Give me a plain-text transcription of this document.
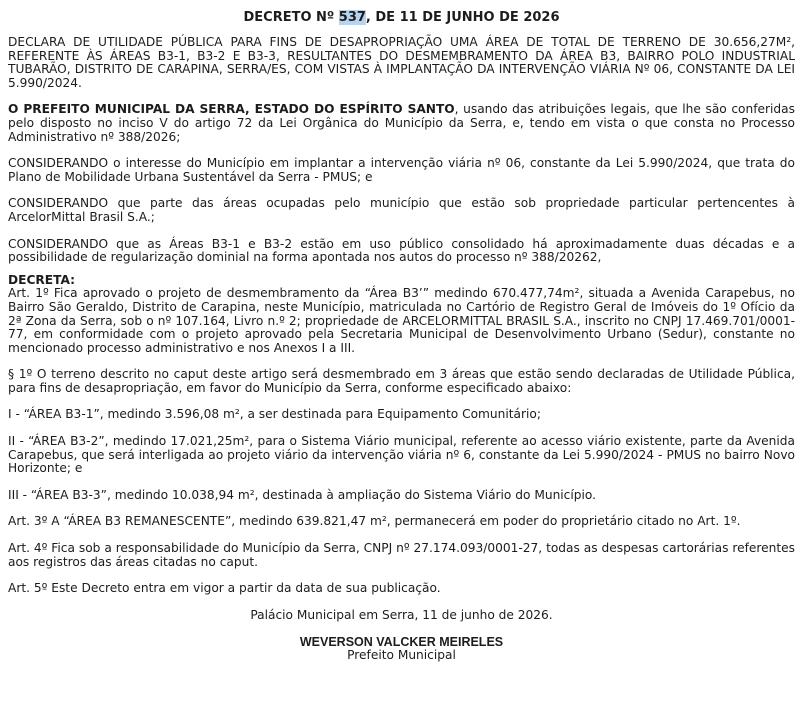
DECRETO Nº 537, DE 11 DE JUNHO DE 2026

DECLARA DE UTILIDADE PÚBLICA PARA FINS DE DESAPROPRIAÇÃO UMA ÁREA DE TOTAL DE TERRENO DE 30.656,27M², REFERENTE ÀS ÁREAS B3-1, B3-2 E B3-3, RESULTANTES DO DESMEMBRAMENTO DA ÁREA B3, BAIRRO POLO INDUSTRIAL TUBARÃO, DISTRITO DE CARAPINA, SERRA/ES, COM VISTAS À IMPLANTAÇÃO DA INTERVENÇÃO VIÁRIA Nº 06, CONSTANTE DA LEI 5.990/2024.

O PREFEITO MUNICIPAL DA SERRA, ESTADO DO ESPÍRITO SANTO, usando das atribuições legais, que lhe são conferidas pelo disposto no inciso V do artigo 72 da Lei Orgânica do Município da Serra, e, tendo em vista o que consta no Processo Administrativo nº 388/2026;

CONSIDERANDO o interesse do Município em implantar a intervenção viária nº 06, constante da Lei 5.990/2024, que trata do Plano de Mobilidade Urbana Sustentável da Serra - PMUS; e

CONSIDERANDO que parte das áreas ocupadas pelo município que estão sob propriedade particular pertencentes à ArcelorMittal Brasil S.A.;

CONSIDERANDO que as Áreas B3-1 e B3-2 estão em uso público consolidado há aproximadamente duas décadas e a possibilidade de regularização dominial na forma apontada nos autos do processo nº 388/20262,

DECRETA:

Art. 1º Fica aprovado o projeto de desmembramento da “Área B3’” medindo 670.477,74m², situada a Avenida Carapebus, no Bairro São Geraldo, Distrito de Carapina, neste Município, matriculada no Cartório de Registro Geral de Imóveis do 1º Ofício da 2ª Zona da Serra, sob o nº 107.164, Livro n.º 2; propriedade de ARCELORMITTAL BRASIL S.A., inscrito no CNPJ 17.469.701/0001-77, em conformidade com o projeto aprovado pela Secretaria Municipal de Desenvolvimento Urbano (Sedur), constante no mencionado processo administrativo e nos Anexos I a III.

§ 1º O terreno descrito no caput deste artigo será desmembrado em 3 áreas que estão sendo declaradas de Utilidade Pública, para fins de desapropriação, em favor do Município da Serra, conforme especificado abaixo:

I - “ÁREA B3-1”, medindo 3.596,08 m², a ser destinada para Equipamento Comunitário;

II - “ÁREA B3-2”, medindo 17.021,25m², para o Sistema Viário municipal, referente ao acesso viário existente, parte da Avenida Carapebus, que será interligada ao projeto viário da intervenção viária nº 6, constante da Lei 5.990/2024 - PMUS no bairro Novo Horizonte; e

III - “ÁREA B3-3”, medindo 10.038,94 m², destinada à ampliação do Sistema Viário do Município.

Art. 3º A “ÁREA B3 REMANESCENTE”, medindo 639.821,47 m², permanecerá em poder do proprietário citado no Art. 1º.

Art. 4º Fica sob a responsabilidade do Município da Serra, CNPJ nº 27.174.093/0001-27, todas as despesas cartorárias referentes aos registros das áreas citadas no caput.

Art. 5º Este Decreto entra em vigor a partir da data de sua publicação.

Palácio Municipal em Serra, 11 de junho de 2026.

WEVERSON VALCKER MEIRELES
Prefeito Municipal
